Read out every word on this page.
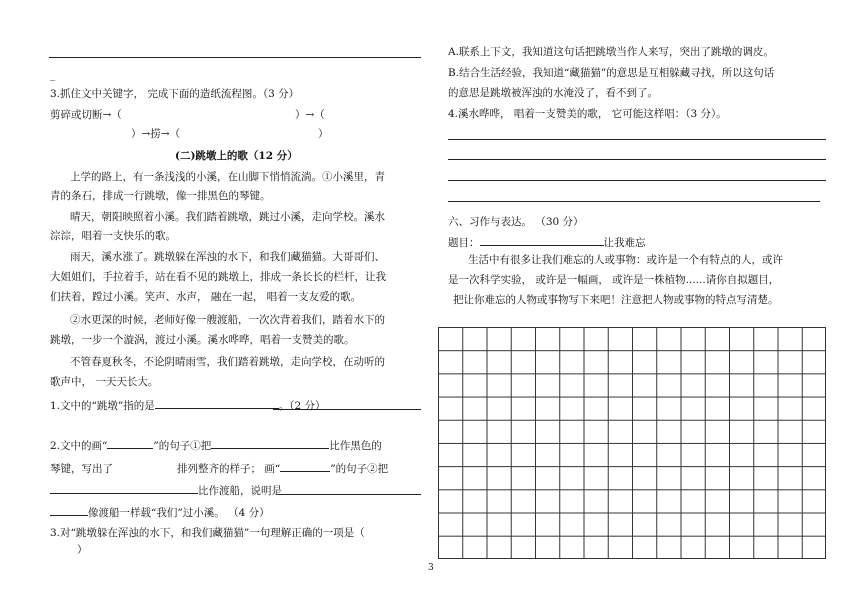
_
3.抓住文中关键字， 完成下面的造纸流程图。（3 分）
剪碎或切断→（	）→（
）→捞→（	）
(二)跳墩上的歌（12 分）
上学的路上，有一条浅浅的小溪，在山脚下悄悄流淌。①小溪里，青
青的条石，排成一行跳墩，像一排黑色的琴键。
晴天，朝阳映照着小溪。我们踏着跳墩，跳过小溪，走向学校。溪水
淙淙，唱着一支快乐的歌。
雨天，溪水涨了。跳墩躲在浑浊的水下，和我们藏猫猫。大哥哥们、
大姐姐们，手拉着手，站在看不见的跳墩上，排成一条长长的栏杆，让我
们扶着，蹚过小溪。笑声、水声， 融在一起， 唱着一支友爱的歌。
②水更深的时候，老师好像一艘渡船，一次次背着我们，踏着水下的
跳墩，一步一个漩涡，渡过小溪。溪水哗哗，唱着一支赞美的歌。
不管春夏秋冬，不论阴晴雨雪，我们踏着跳墩，走向学校，在动听的
歌声中， 一天天长大。
1.文中的“跳墩”指的是	。（2 分）
2.文中的画“	”的句子①把	比作黑色的
琴键，写出了	排列整齐的样子； 画“	”的句子②把
比作渡船，说明是
像渡船一样载“我们”过小溪。 （4 分）
3.对“跳墩躲在浑浊的水下，和我们藏猫猫”一句理解正确的一项是（
）
A.联系上下文，我知道这句话把跳墩当作人来写，突出了跳墩的调皮。
B.结合生活经验，我知道“藏猫猫”的意思是互相躲藏寻找，所以这句话
的意思是跳墩被浑浊的水淹没了，看不到了。
4.溪水哗哗， 唱着一支赞美的歌， 它可能这样唱：（3 分）。
六、习作与表达。 （30 分）
题目：	让我难忘
生活中有很多让我们难忘的人或事物：或许是一个有特点的人，或许
是一次科学实验， 或许是一幅画， 或许是一株植物......请你自拟题目，
把让你难忘的人物或事物写下来吧！注意把人物或事物的特点写清楚。
3
